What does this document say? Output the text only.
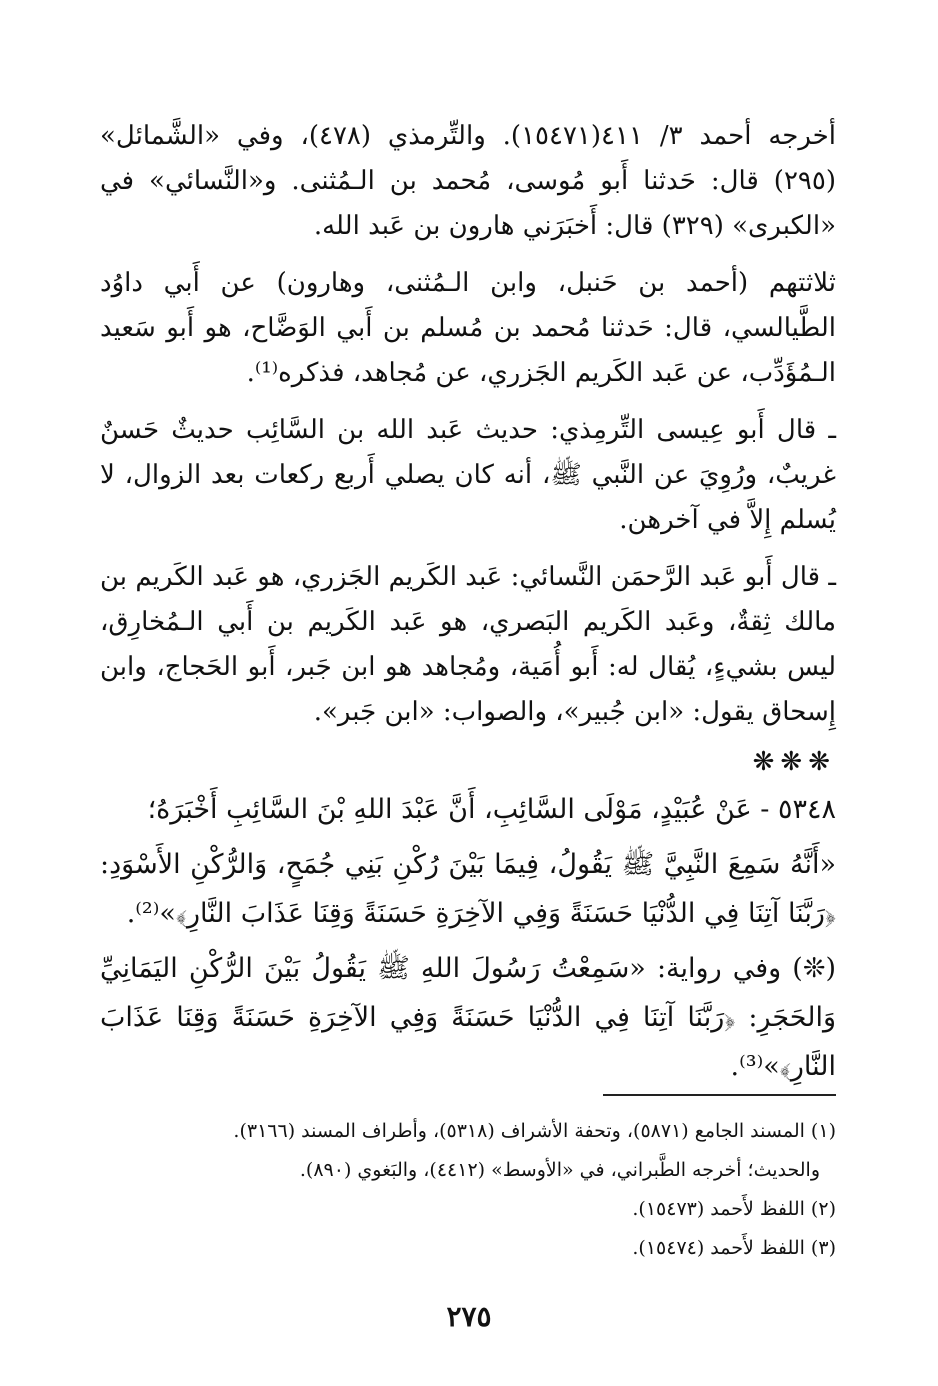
أخرجه أحمد ٣/ ٤١١(١٥٤٧١). والتِّرمذي (٤٧٨)، وفي «الشَّمائل» (٢٩٥) قال: حَدثنا أَبو مُوسى، مُحمد بن الـمُثنى. و«النَّسائي» في «الكبرى» (٣٢٩) قال: أَخبَرَني هارون بن عَبد الله.

ثلاثتهم (أحمد بن حَنبل، وابن الـمُثنى، وهارون) عن أَبي داوُد الطَّيالسي، قال: حَدثنا مُحمد بن مُسلم بن أَبي الوَضَّاح، هو أَبو سَعيد الـمُؤَدِّب، عن عَبد الكَريم الجَزري، عن مُجاهد، فذكره⁽¹⁾.

ـ قال أَبو عِيسى التِّرمِذي: حديث عَبد الله بن السَّائِب حديثٌ حَسنٌ غريبٌ، ورُوِيَ عن النَّبي ﷺ، أنه كان يصلي أَربع ركعات بعد الزوال، لا يُسلم إِلاَّ في آخرهن.

ـ قال أَبو عَبد الرَّحمَن النَّسائي: عَبد الكَريم الجَزري، هو عَبد الكَريم بن مالك ثِقةٌ، وعَبد الكَريم البَصري، هو عَبد الكَريم بن أَبي الـمُخارِق، ليس بشيءٍ، يُقال له: أَبو أُمَية، ومُجاهد هو ابن جَبر، أَبو الحَجاج، وابن إِسحاق يقول: «ابن جُبير»، والصواب: «ابن جَبر».

❋❋❋

٥٣٤٨ - عَنْ عُبَيْدٍ، مَوْلَى السَّائِبِ، أَنَّ عَبْدَ اللهِ بْنَ السَّائِبِ أَخْبَرَهُ؛

«أَنَّهُ سَمِعَ النَّبِيَّ ﷺ يَقُولُ، فِيمَا بَيْنَ رُكْنِ بَنِي جُمَحٍ، وَالرُّكْنِ الأَسْوَدِ: ﴿رَبَّنَا آتِنَا فِي الدُّنْيَا حَسَنَةً وَفِي الآخِرَةِ حَسَنَةً وَقِنَا عَذَابَ النَّارِ﴾»⁽²⁾.

(❊) وفي رواية: «سَمِعْتُ رَسُولَ اللهِ ﷺ يَقُولُ بَيْنَ الرُّكْنِ اليَمَانِيِّ وَالحَجَرِ: ﴿رَبَّنَا آتِنَا فِي الدُّنْيَا حَسَنَةً وَفِي الآخِرَةِ حَسَنَةً وَقِنَا عَذَابَ النَّارِ﴾»⁽³⁾.

(١) المسند الجامع (٥٨٧١)، وتحفة الأشراف (٥٣١٨)، وأطراف المسند (٣١٦٦).

والحديث؛ أخرجه الطَّبراني، في «الأوسط» (٤٤١٢)، والبَغوي (٨٩٠).

(٢) اللفظ لأَحمد (١٥٤٧٣).

(٣) اللفظ لأَحمد (١٥٤٧٤).

٢٧٥
